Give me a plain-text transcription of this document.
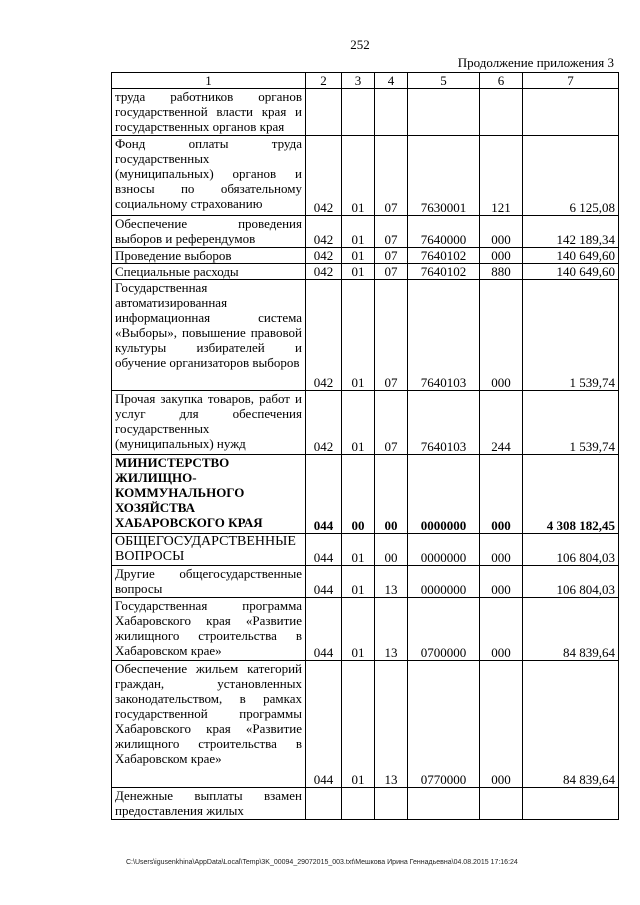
252
Продолжение приложения 3
1	2	3	4	5	6	7
труда работников органов государственной власти края и государственных органов края						
Фонд оплаты труда государственных (муниципальных) органов и взносы по обязательному социальному страхованию	042	01	07	7630001	121	6 125,08
Обеспечение проведения выборов и референдумов	042	01	07	7640000	000	142 189,34
Проведение выборов	042	01	07	7640102	000	140 649,60
Специальные расходы	042	01	07	7640102	880	140 649,60
Государственная автоматизированная информационная система «Выборы», повышение правовой культуры избирателей и обучение организаторов выборов	042	01	07	7640103	000	1 539,74
Прочая закупка товаров, работ и услуг для обеспечения государственных (муниципальных) нужд	042	01	07	7640103	244	1 539,74
МИНИСТЕРСТВО ЖИЛИЩНО-КОММУНАЛЬНОГО ХОЗЯЙСТВА ХАБАРОВСКОГО КРАЯ	044	00	00	0000000	000	4 308 182,45
ОБЩЕГОСУДАРСТВЕННЫЕ ВОПРОСЫ	044	01	00	0000000	000	106 804,03
Другие общегосударственные вопросы	044	01	13	0000000	000	106 804,03
Государственная программа Хабаровского края «Развитие жилищного строительства в Хабаровском крае»	044	01	13	0700000	000	84 839,64
Обеспечение жильем категорий граждан, установленных законодательством, в рамках государственной программы Хабаровского края «Развитие жилищного строительства в Хабаровском крае»	044	01	13	0770000	000	84 839,64
Денежные выплаты взамен предоставления жилых						
C:\Users\igusenkhina\AppData\Local\Temp\3K_00094_29072015_003.txt\Мешкова Ирина Геннадьевна\04.08.2015 17:16:24
